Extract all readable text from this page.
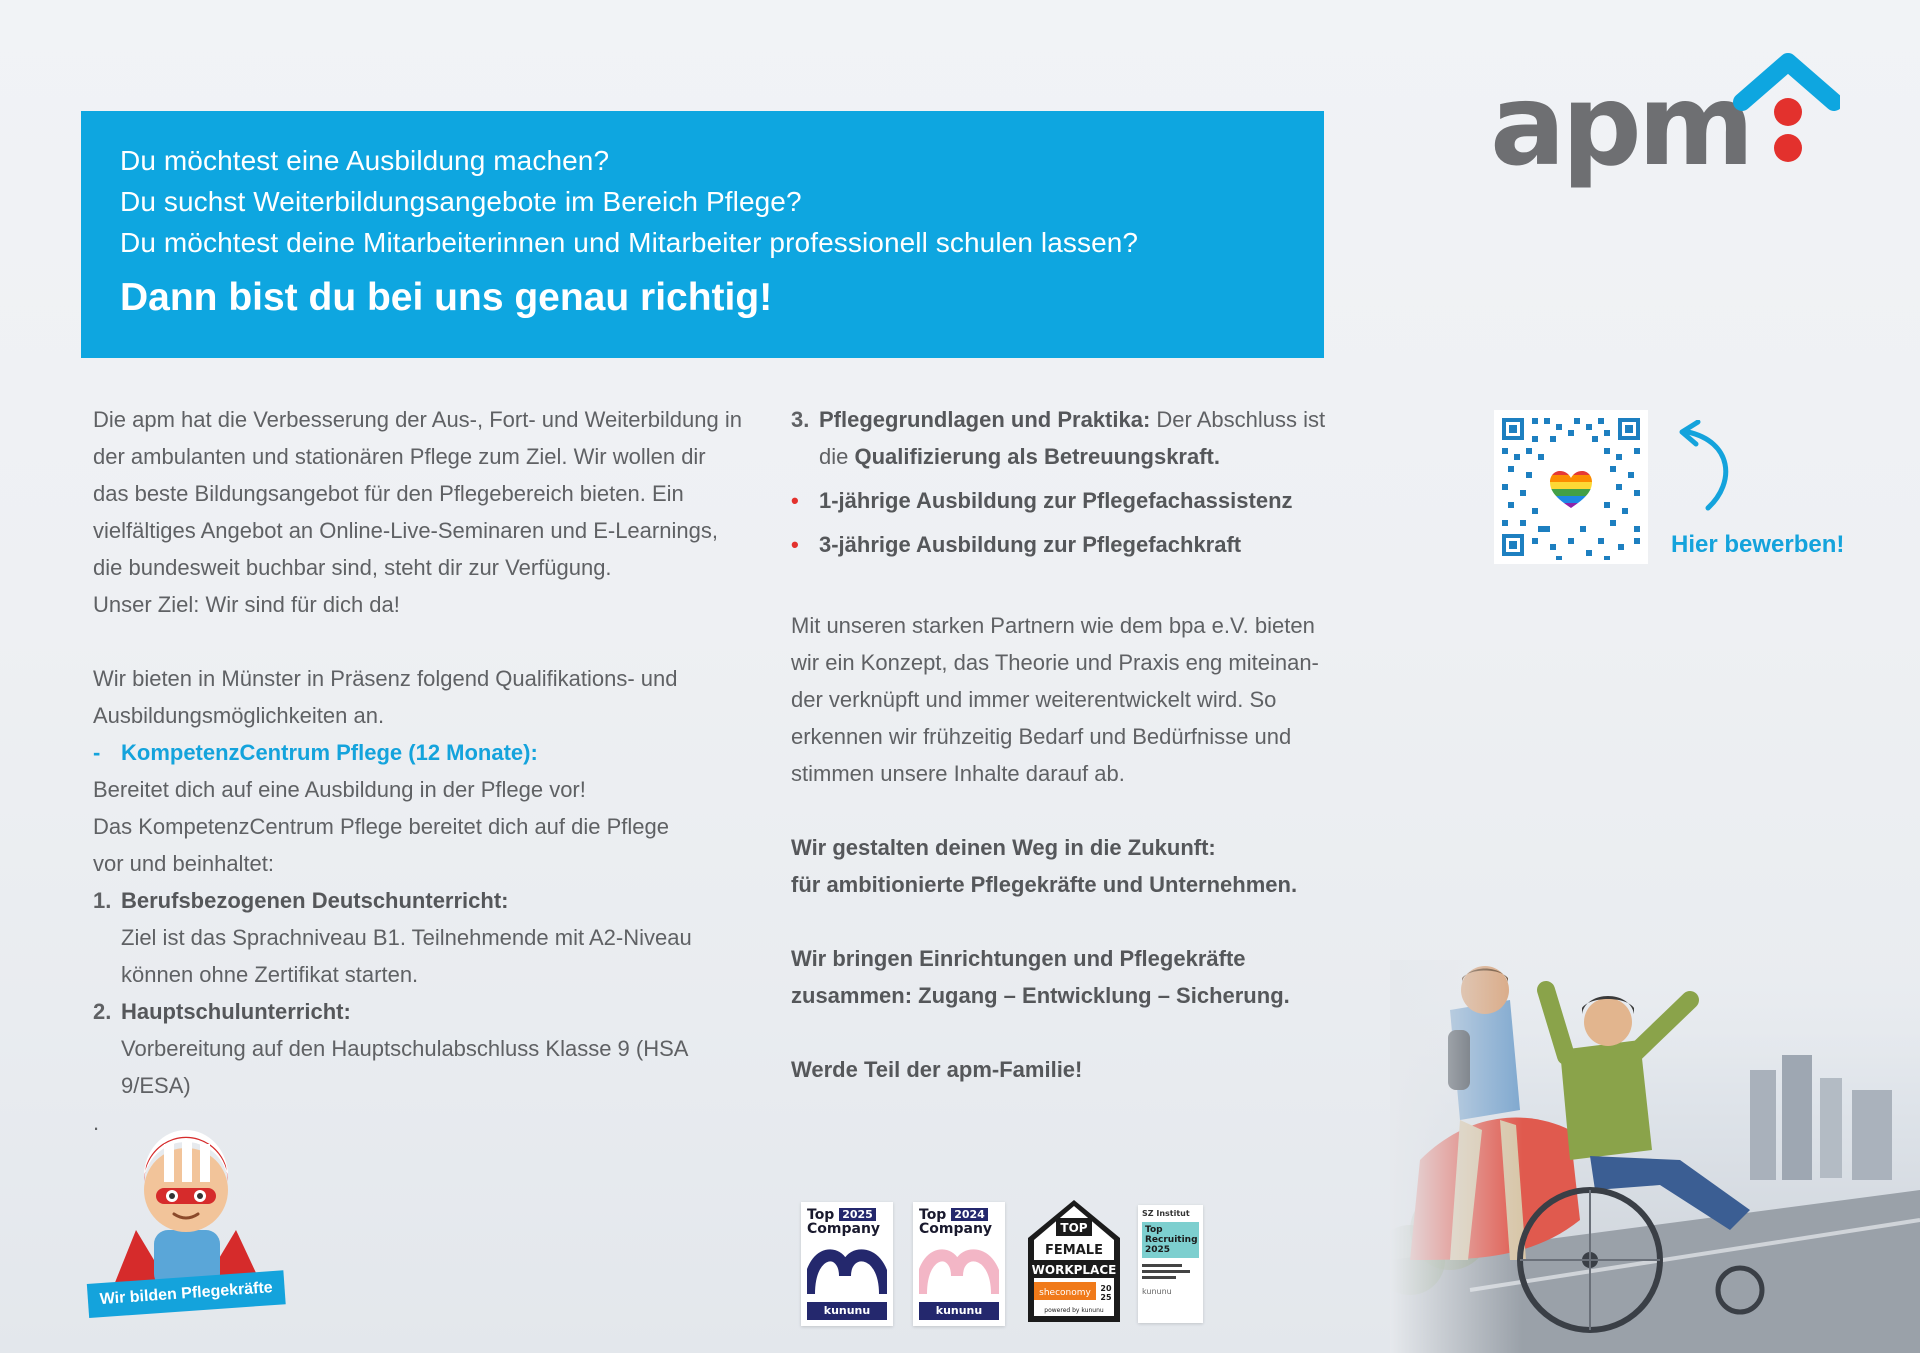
Du möchtest eine Ausbildung machen?
Du suchst Weiterbildungsangebote im Bereich Pflege?
Du möchtest deine Mitarbeiterinnen und Mitarbeiter professionell schulen lassen?
Dann bist du bei uns genau richtig!
apm
Hier bewerben!

Die apm hat die Verbesserung der Aus-, Fort- und Weiterbildung in

der ambulanten und stationären Pflege zum Ziel. Wir wollen dir

das beste Bildungsangebot für den Pflegebereich bieten. Ein

vielfältiges Angebot an Online-Live-Seminaren und E-Learnings,

die bundesweit buchbar sind, steht dir zur Verfügung.

Unser Ziel: Wir sind für dich da!

Wir bieten in Münster in Präsenz folgend Qualifikations- und

Ausbildungsmöglichkeiten an.

- KompetenzCentrum Pflege (12 Monate):

Bereitet dich auf eine Ausbildung in der Pflege vor!

Das KompetenzCentrum Pflege bereitet dich auf die Pflege

vor und beinhaltet:

1. Berufsbezogenen Deutschunterricht:

Ziel ist das Sprachniveau B1. Teilnehmende mit A2-Niveau

können ohne Zertifikat starten.

2. Hauptschulunterricht:

Vorbereitung auf den Hauptschulabschluss Klasse 9 (HSA 9/ESA)

.

3. Pflegegrundlagen und Praktika: Der Abschluss ist

die Qualifizierung als Betreuungskraft.

• 1-jährige Ausbildung zur Pflegefachassistenz
• 3-jährige Ausbildung zur Pflegefachkraft

Mit unseren starken Partnern wie dem bpa e.V. bieten

wir ein Konzept, das Theorie und Praxis eng miteinan-

der verknüpft und immer weiterentwickelt wird. So

erkennen wir frühzeitig Bedarf und Bedürfnisse und

stimmen unsere Inhalte darauf ab.

Wir gestalten deinen Weg in die Zukunft:

für ambitionierte Pflegekräfte und Unternehmen.

Wir bringen Einrichtungen und Pflegekräfte

zusammen: Zugang – Entwicklung – Sicherung.

Werde Teil der apm-Familie!

Wir bilden Pflegekräfte
Top 2025
Company
kununu
Top 2024
Company
kununu
TOP
FEMALE
WORKPLACE
sheconomy 20
25
powered by kununu
SZ Institut
Top Recruiting 2025
kununu
